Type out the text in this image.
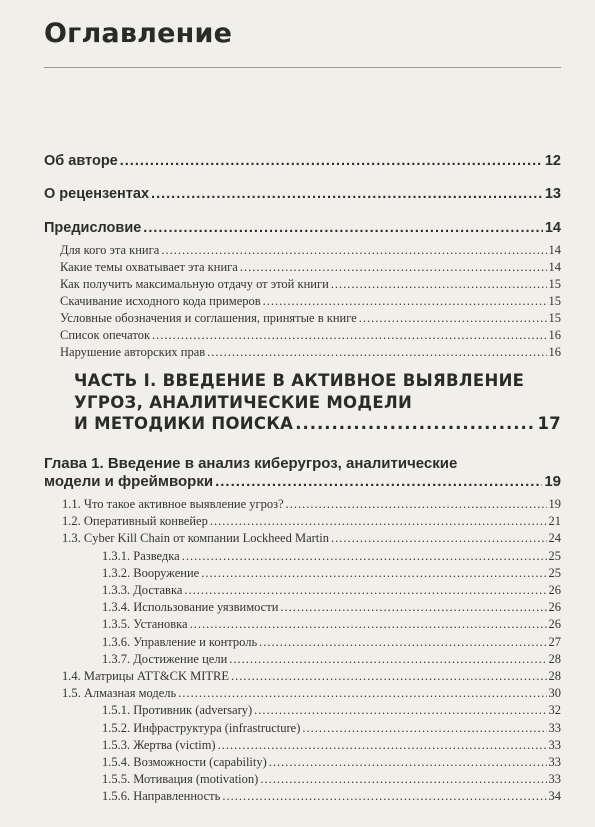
Оглавление
Об авторе .....	12
О рецензентах .....	13
Предисловие .....	14
Для кого эта книга .....	14
Какие темы охватывает эта книга .....	14
Как получить максимальную отдачу от этой книги .....	15
Скачивание исходного кода примеров .....	15
Условные обозначения и соглашения, принятые в книге .....	15
Список опечаток .....	16
Нарушение авторских прав .....	16
ЧАСТЬ I. ВВЕДЕНИЕ В АКТИВНОЕ ВЫЯВЛЕНИЕ
УГРОЗ, АНАЛИТИЧЕСКИЕ МОДЕЛИ
И МЕТОДИКИ ПОИСКА .....	17
Глава 1. Введение в анализ киберугроз, аналитические
модели и фреймворки .....	19
1.1. Что такое активное выявление угроз? .....	19
1.2. Оперативный конвейер .....	21
1.3. Cyber Kill Chain от компании Lockheed Martin .....	24
1.3.1. Разведка .....	25
1.3.2. Вооружение .....	25
1.3.3. Доставка .....	26
1.3.4. Использование уязвимости .....	26
1.3.5. Установка .....	26
1.3.6. Управление и контроль .....	27
1.3.7. Достижение цели .....	28
1.4. Матрицы ATT&CK MITRE .....	28
1.5. Алмазная модель .....	30
1.5.1. Противник (adversary) .....	32
1.5.2. Инфраструктура (infrastructure) .....	33
1.5.3. Жертва (victim) .....	33
1.5.4. Возможности (capability) .....	33
1.5.5. Мотивация (motivation) .....	33
1.5.6. Направленность .....	34
